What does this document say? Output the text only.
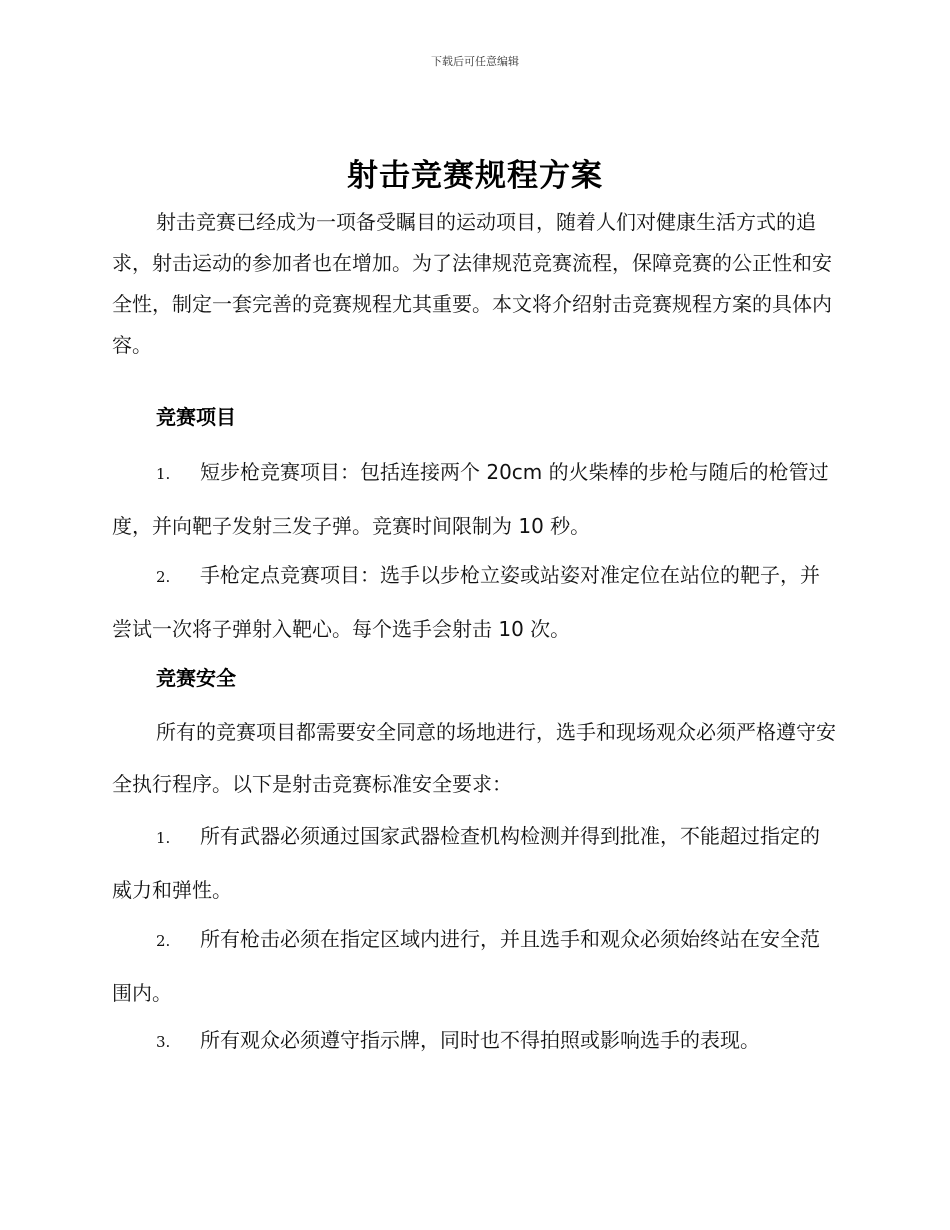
下载后可任意编辑
射击竞赛规程方案
射击竞赛已经成为一项备受瞩目的运动项目，随着人们对健康生活方式的追求，射击运动的参加者也在增加。为了法律规范竞赛流程，保障竞赛的公正性和安全性，制定一套完善的竞赛规程尤其重要。本文将介绍射击竞赛规程方案的具体内容。
竞赛项目
1. 短步枪竞赛项目：包括连接两个 20cm 的火柴棒的步枪与随后的枪管过度，并向靶子发射三发子弹。竞赛时间限制为 10 秒。
2. 手枪定点竞赛项目：选手以步枪立姿或站姿对准定位在站位的靶子，并尝试一次将子弹射入靶心。每个选手会射击 10 次。
竞赛安全
所有的竞赛项目都需要安全同意的场地进行，选手和现场观众必须严格遵守安全执行程序。以下是射击竞赛标准安全要求：
1. 所有武器必须通过国家武器检查机构检测并得到批准，不能超过指定的威力和弹性。
2. 所有枪击必须在指定区域内进行，并且选手和观众必须始终站在安全范围内。
3. 所有观众必须遵守指示牌，同时也不得拍照或影响选手的表现。
